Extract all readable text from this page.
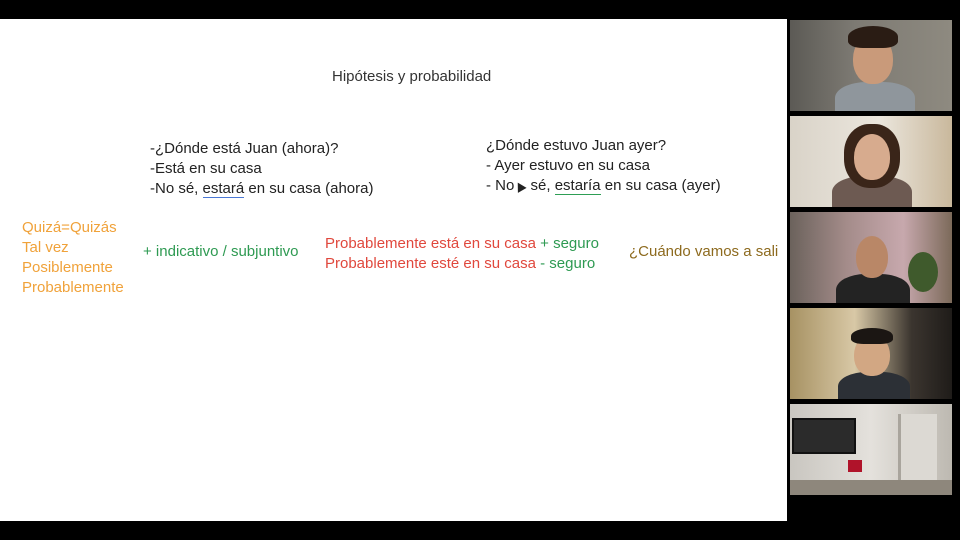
Hipótesis y probabilidad
-¿Dónde está Juan (ahora)?
-Está en su casa
-No sé, estará en su casa (ahora)
¿Dónde estuvo Juan ayer?
- Ayer estuvo en su casa
- No sé, estaría en su casa (ayer)
Quizá=Quizás
Tal vez
Posiblemente
Probablemente
+ indicativo / subjuntivo Probablemente está en su casa + seguro
Probablemente esté en su casa - seguro
¿Cuándo vamos a sali
